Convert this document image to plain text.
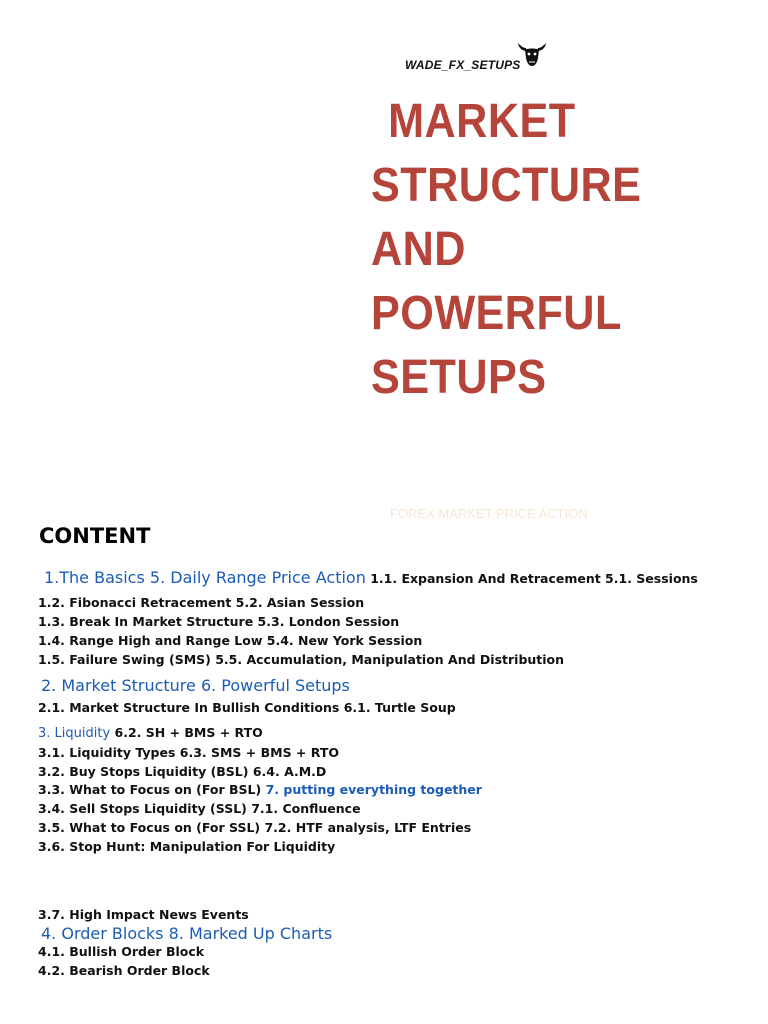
WADE_FX_SETUPS
MARKET
STRUCTURE
AND
POWERFUL
SETUPS
FOREX MARKET PRICE ACTION
CONTENT
1.The Basics 5. Daily Range Price Action 1.1. Expansion And Retracement 5.1. Sessions
1.2. Fibonacci Retracement 5.2. Asian Session
1.3. Break In Market Structure 5.3. London Session
1.4. Range High and Range Low 5.4. New York Session
1.5. Failure Swing (SMS) 5.5. Accumulation, Manipulation And Distribution
2. Market Structure 6. Powerful Setups
2.1. Market Structure In Bullish Conditions 6.1. Turtle Soup
3. Liquidity 6.2. SH + BMS + RTO
3.1. Liquidity Types 6.3. SMS + BMS + RTO
3.2. Buy Stops Liquidity (BSL) 6.4. A.M.D
3.3. What to Focus on (For BSL) 7. putting everything together
3.4. Sell Stops Liquidity (SSL) 7.1. Confluence
3.5. What to Focus on (For SSL) 7.2. HTF analysis, LTF Entries
3.6. Stop Hunt: Manipulation For Liquidity
3.7. High Impact News Events
4. Order Blocks 8. Marked Up Charts
4.1. Bullish Order Block
4.2. Bearish Order Block
